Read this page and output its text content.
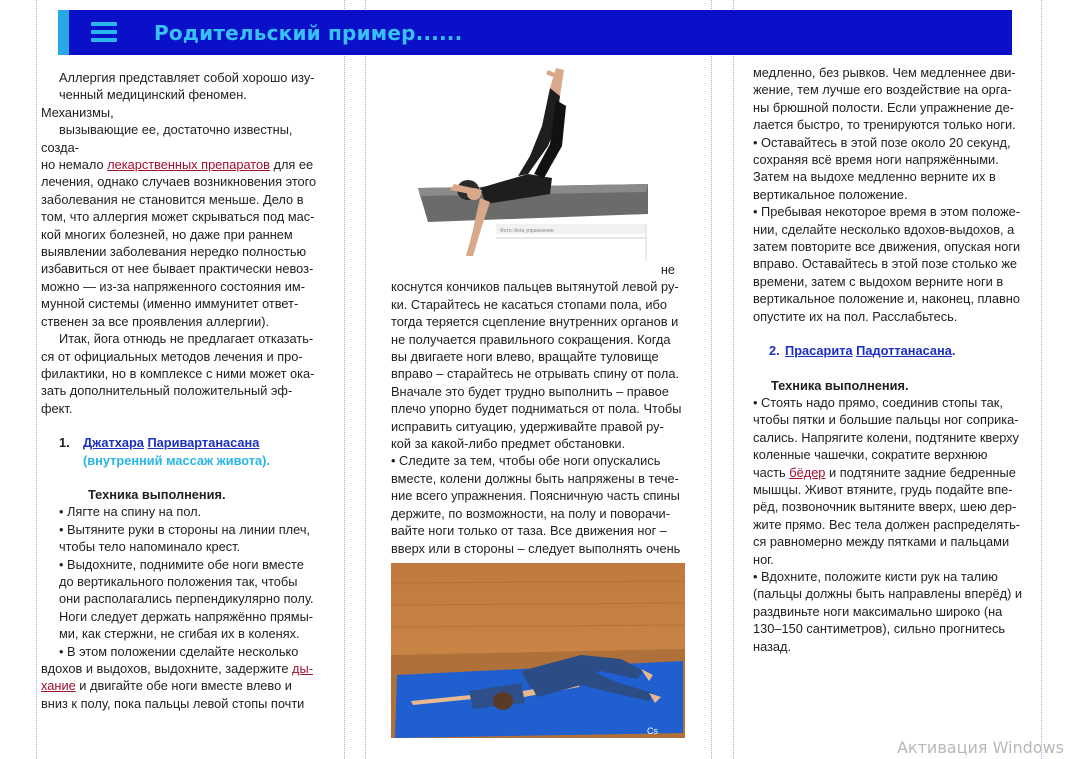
Родительский пример......

Аллергия представляет собой хорошо изу-

ченный медицинский феномен. Механизмы,

вызывающие ее, достаточно известны, созда-

но немало лекарственных препаратов для ее

лечения, однако случаев возникновения этого

заболевания не становится меньше. Дело в

том, что аллергия может скрываться под мас-

кой многих болезней, но даже при раннем

выявлении заболевания нередко полностью

избавиться от нее бывает практически невоз-

можно — из-за напряженного состояния им-

мунной системы (именно иммунитет ответ-

ственен за все проявления аллергии).

Итак, йога отнюдь не предлагает отказать-

ся от официальных методов лечения и про-

филактики, но в комплексе с ними может ока-

зать дополнительный положительный эф-

фект.

1.	Джатхара Паривартанасана
(внутренний массаж живота).

Техника выполнения.

• Лягте на спину на пол.

• Вытяните руки в стороны на линии плеч,

чтобы тело напоминало крест.

• Выдохните, поднимите обе ноги вместе

до вертикального положения так, чтобы

они располагались перпендикулярно полу.

Ноги следует держать напряжённо прямы-

ми, как стержни, не сгибая их в коленях.

• В этом положении сделайте несколько

вдохов и выдохов, выдохните, задержите ды-

хание и двигайте обе ноги вместе влево и

вниз к полу, пока пальцы левой стопы почти

Фото: йога упражнение

не

коснутся кончиков пальцев вытянутой левой ру-

ки. Старайтесь не касаться стопами пола, ибо

тогда теряется сцепление внутренних органов и

не получается правильного сокращения. Когда

вы двигаете ноги влево, вращайте туловище

вправо – старайтесь не отрывать спину от пола.

Вначале это будет трудно выполнить – правое

плечо упорно будет подниматься от пола. Чтобы

исправить ситуацию, удерживайте правой ру-

кой за какой-либо предмет обстановки.

• Следите за тем, чтобы обе ноги опускались

вместе, колени должны быть напряжены в тече-

ние всего упражнения. Поясничную часть спины

держите, по возможности, на полу и поворачи-

вайте ноги только от таза. Все движения ног –

вверх или в стороны – следует выполнять очень

Cs

медленно, без рывков. Чем медленнее дви-

жение, тем лучше его воздействие на орга-

ны брюшной полости. Если упражнение де-

лается быстро, то тренируются только ноги.

• Оставайтесь в этой позе около 20 секунд,

сохраняя всё время ноги напряжёнными.

Затем на выдохе медленно верните их в

вертикальное положение.

• Пребывая некоторое время в этом положе-

нии, сделайте несколько вдохов-выдохов, а

затем повторите все движения, опуская ноги

вправо. Оставайтесь в этой позе столько же

времени, затем с выдохом верните ноги в

вертикальное положение и, наконец, плавно

опустите их на пол. Расслабьтесь.

2. Прасарита Падоттанасана.

Техника выполнения.

• Стоять надо прямо, соединив стопы так,

чтобы пятки и большие пальцы ног соприка-

сались. Напрягите колени, подтяните кверху

коленные чашечки, сократите верхнюю

часть бёдер и подтяните задние бедренные

мышцы. Живот втяните, грудь подайте впе-

рёд, позвоночник вытяните вверх, шею дер-

жите прямо. Вес тела должен распределять-

ся равномерно между пятками и пальцами

ног.

• Вдохните, положите кисти рук на талию

(пальцы должны быть направлены вперёд) и

раздвиньте ноги максимально широко (на

130–150 сантиметров), сильно прогнитесь

назад.

Активация Windows
